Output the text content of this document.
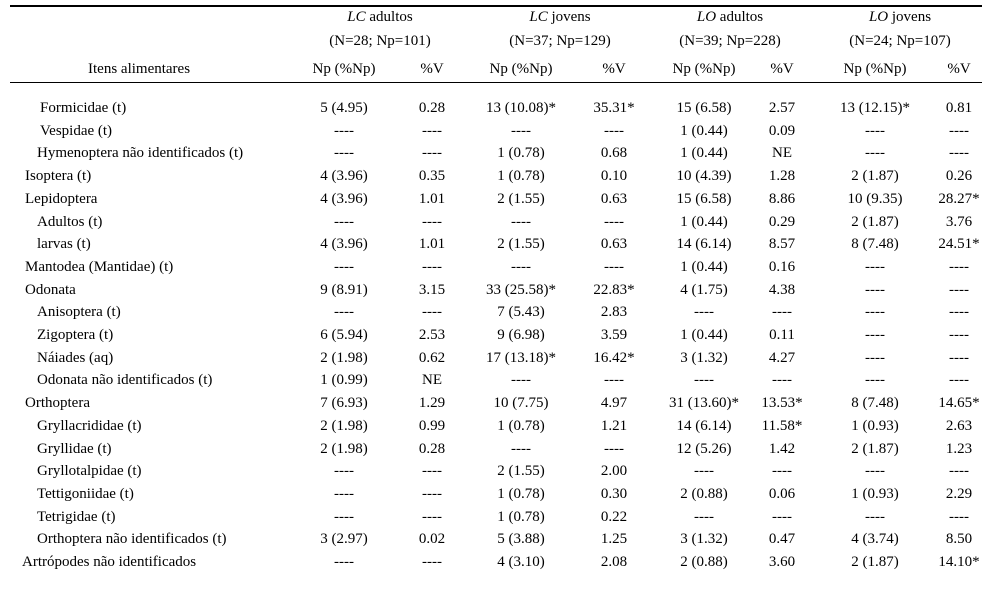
LC adultos
(N=28; Np=101)
LC jovens
(N=37; Np=129)
LO adultos
(N=39; Np=228)
LO jovens
(N=24; Np=107)
Itens alimentares	Np (%Np)	%V	Np (%Np)	%V	Np (%Np)	%V	Np (%Np)	%V
Formicidae (t)	5 (4.95)	0.28	13 (10.08)*	35.31*	15 (6.58)	2.57	13 (12.15)*	0.81
Vespidae (t)	----	----	----	----	1 (0.44)	0.09	----	----
Hymenoptera não identificados (t)	----	----	1 (0.78)	0.68	1 (0.44)	NE	----	----
Isoptera (t)	4 (3.96)	0.35	1 (0.78)	0.10	10 (4.39)	1.28	2 (1.87)	0.26
Lepidoptera	4 (3.96)	1.01	2 (1.55)	0.63	15 (6.58)	8.86	10 (9.35)	28.27*
Adultos (t)	----	----	----	----	1 (0.44)	0.29	2 (1.87)	3.76
larvas (t)	4 (3.96)	1.01	2 (1.55)	0.63	14 (6.14)	8.57	8 (7.48)	24.51*
Mantodea (Mantidae) (t)	----	----	----	----	1 (0.44)	0.16	----	----
Odonata	9 (8.91)	3.15	33 (25.58)*	22.83*	4 (1.75)	4.38	----	----
Anisoptera (t)	----	----	7 (5.43)	2.83	----	----	----	----
Zigoptera (t)	6 (5.94)	2.53	9 (6.98)	3.59	1 (0.44)	0.11	----	----
Náiades (aq)	2 (1.98)	0.62	17 (13.18)*	16.42*	3 (1.32)	4.27	----	----
Odonata não identificados (t)	1 (0.99)	NE	----	----	----	----	----	----
Orthoptera	7 (6.93)	1.29	10 (7.75)	4.97	31 (13.60)*	13.53*	8 (7.48)	14.65*
Gryllacrididae (t)	2 (1.98)	0.99	1 (0.78)	1.21	14 (6.14)	11.58*	1 (0.93)	2.63
Gryllidae (t)	2 (1.98)	0.28	----	----	12 (5.26)	1.42	2 (1.87)	1.23
Gryllotalpidae (t)	----	----	2 (1.55)	2.00	----	----	----	----
Tettigoniidae (t)	----	----	1 (0.78)	0.30	2 (0.88)	0.06	1 (0.93)	2.29
Tetrigidae (t)	----	----	1 (0.78)	0.22	----	----	----	----
Orthoptera não identificados (t)	3 (2.97)	0.02	5 (3.88)	1.25	3 (1.32)	0.47	4 (3.74)	8.50
Artrópodes não identificados	----	----	4 (3.10)	2.08	2 (0.88)	3.60	2 (1.87)	14.10*
